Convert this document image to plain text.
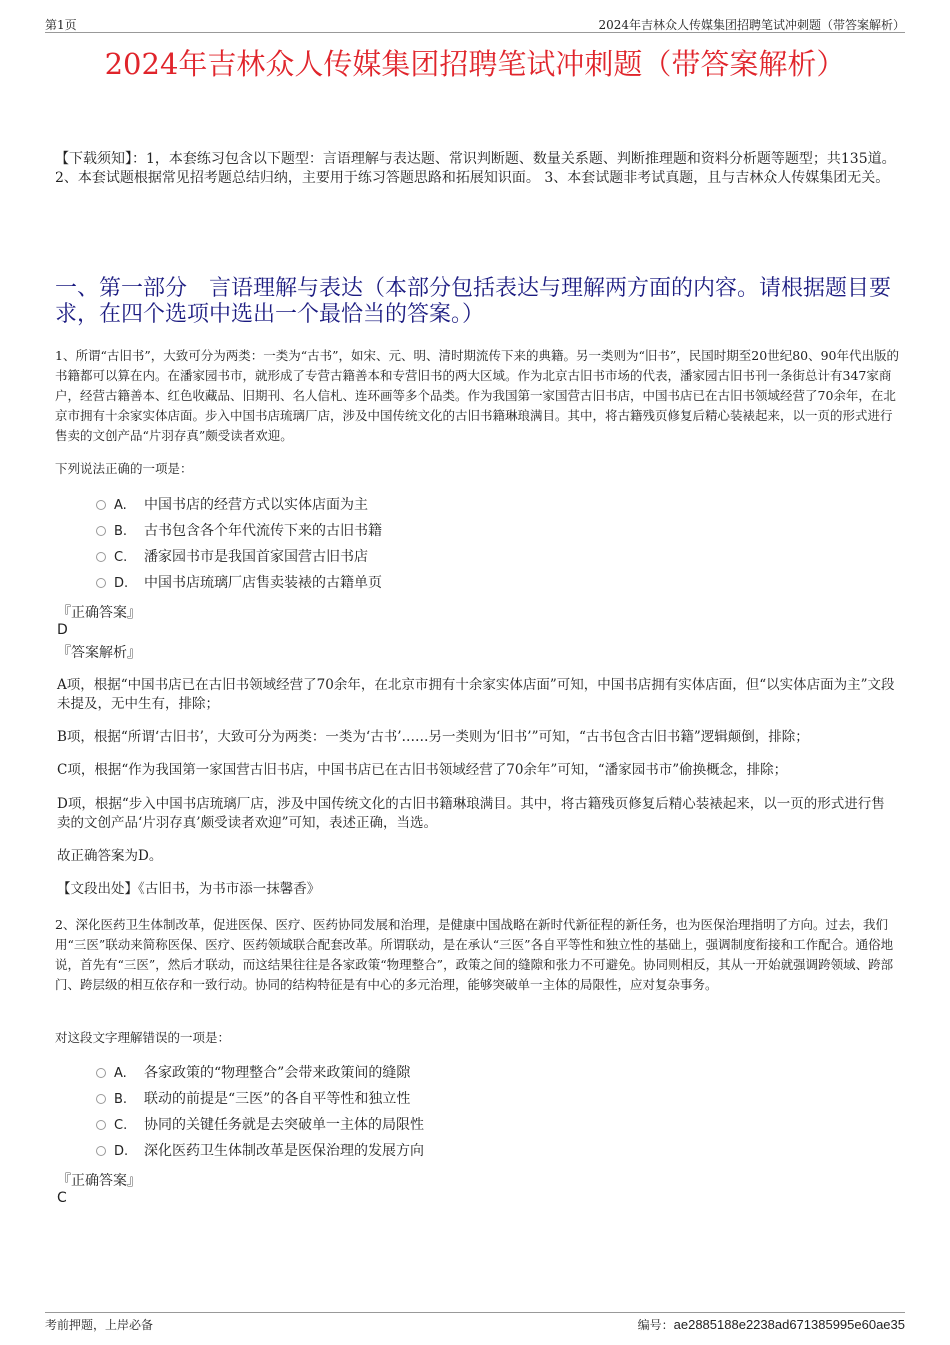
第1页	2024年吉林众人传媒集团招聘笔试冲刺题（带答案解析）
2024年吉林众人传媒集团招聘笔试冲刺题（带答案解析）
【下载须知】：1，本套练习包含以下题型：言语理解与表达题、常识判断题、数量关系题、判断推理题和资料分析题等题型；共135道。 2、本套试题根据常见招考题总结归纳，主要用于练习答题思路和拓展知识面。 3、本套试题非考试真题，且与吉林众人传媒集团无关。
一、第一部分　言语理解与表达（本部分包括表达与理解两方面的内容。请根据题目要求，在四个选项中选出一个最恰当的答案。）
1、所谓“古旧书”，大致可分为两类：一类为“古书”，如宋、元、明、清时期流传下来的典籍。另一类则为“旧书”，民国时期至20世纪80、90年代出版的书籍都可以算在内。在潘家园书市，就形成了专营古籍善本和专营旧书的两大区域。作为北京古旧书市场的代表，潘家园古旧书刊一条街总计有347家商户，经营古籍善本、红色收藏品、旧期刊、名人信札、连环画等多个品类。作为我国第一家国营古旧书店，中国书店已在古旧书领域经营了70余年，在北京市拥有十余家实体店面。步入中国书店琉璃厂店，涉及中国传统文化的古旧书籍琳琅满目。其中，将古籍残页修复后精心装裱起来，以一页的形式进行售卖的文创产品“片羽存真”颇受读者欢迎。
下列说法正确的一项是：
A. 中国书店的经营方式以实体店面为主
B. 古书包含各个年代流传下来的古旧书籍
C. 潘家园书市是我国首家国营古旧书店
D. 中国书店琉璃厂店售卖装裱的古籍单页
『正确答案』
D
『答案解析』
A项，根据“中国书店已在古旧书领域经营了70余年，在北京市拥有十余家实体店面”可知，中国书店拥有实体店面，但“以实体店面为主”文段未提及，无中生有，排除；
B项，根据“所谓‘古旧书’，大致可分为两类：一类为‘古书’……另一类则为‘旧书’”可知，“古书包含古旧书籍”逻辑颠倒，排除；
C项，根据“作为我国第一家国营古旧书店，中国书店已在古旧书领域经营了70余年”可知，“潘家园书市”偷换概念，排除；
D项，根据“步入中国书店琉璃厂店，涉及中国传统文化的古旧书籍琳琅满目。其中，将古籍残页修复后精心装裱起来，以一页的形式进行售卖的文创产品‘片羽存真’颇受读者欢迎”可知，表述正确，当选。
故正确答案为D。
【文段出处】《古旧书，为书市添一抹馨香》
2、深化医药卫生体制改革，促进医保、医疗、医药协同发展和治理，是健康中国战略在新时代新征程的新任务，也为医保治理指明了方向。过去，我们用“三医”联动来简称医保、医疗、医药领域联合配套改革。所谓联动，是在承认“三医”各自平等性和独立性的基础上，强调制度衔接和工作配合。通俗地说，首先有“三医”，然后才联动，而这结果往往是各家政策“物理整合”，政策之间的缝隙和张力不可避免。协同则相反，其从一开始就强调跨领域、跨部门、跨层级的相互依存和一致行动。协同的结构特征是有中心的多元治理，能够突破单一主体的局限性，应对复杂事务。
对这段文字理解错误的一项是：
A. 各家政策的“物理整合”会带来政策间的缝隙
B. 联动的前提是“三医”的各自平等性和独立性
C. 协同的关键任务就是去突破单一主体的局限性
D. 深化医药卫生体制改革是医保治理的发展方向
『正确答案』
C
考前押题，上岸必备	编号：ae2885188e2238ad671385995e60ae35
